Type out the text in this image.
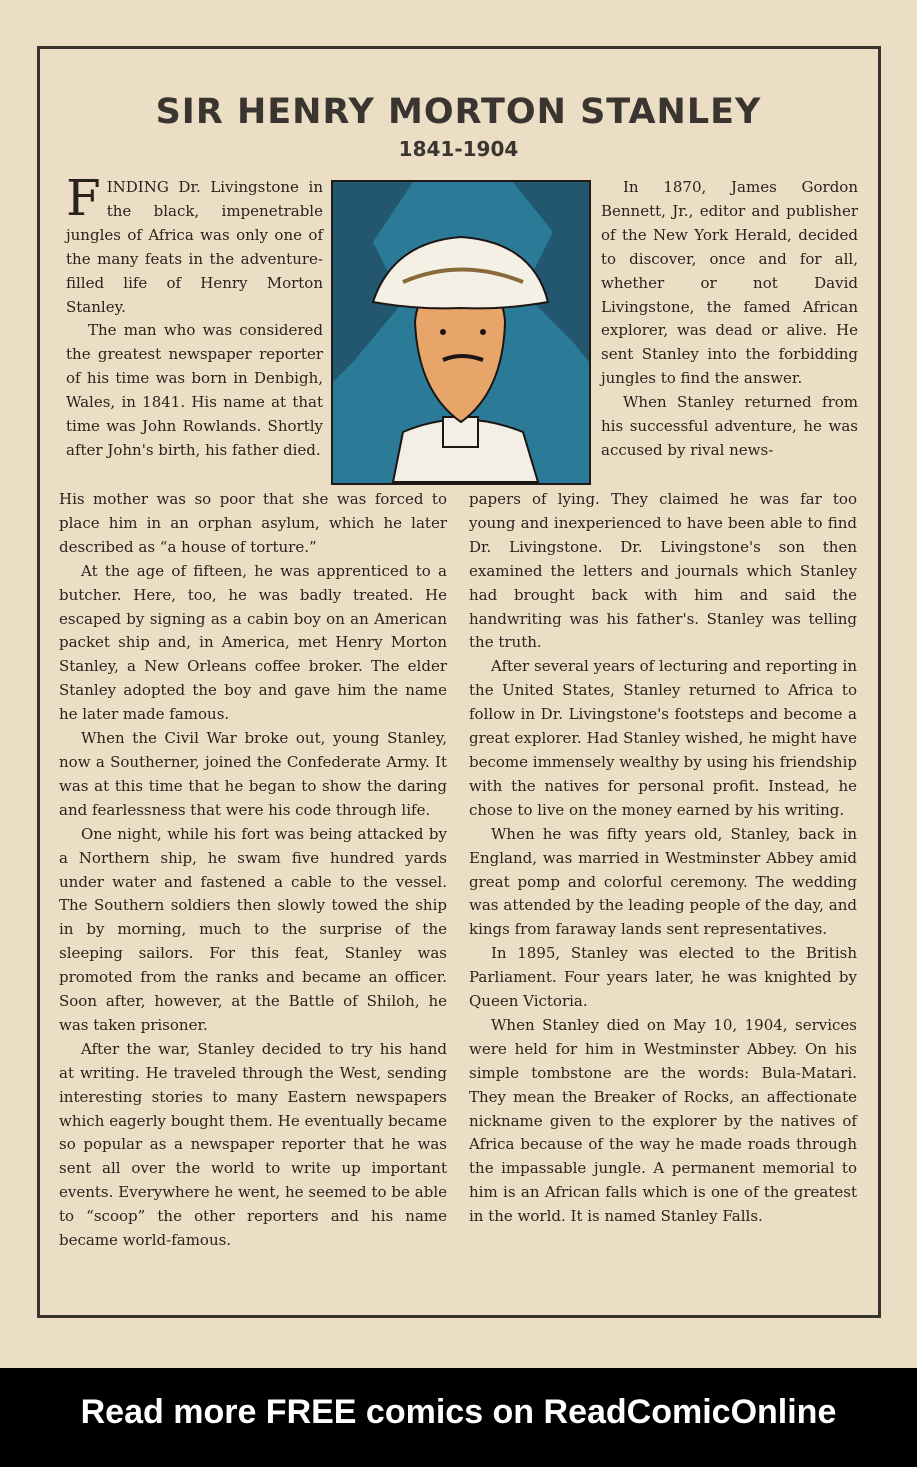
SIR HENRY MORTON STANLEY
1841-1904

FINDING Dr. Livingstone in the black, impenetrable jungles of Africa was only one of the many feats in the adventure-filled life of Henry Morton Stanley.

The man who was considered the greatest newspaper reporter of his time was born in Denbigh, Wales, in 1841. His name at that time was John Rowlands. Shortly after John's birth, his father died.

His mother was so poor that she was forced to place him in an orphan asylum, which he later described as “a house of torture.”

At the age of fifteen, he was apprenticed to a butcher. Here, too, he was badly treated. He escaped by signing as a cabin boy on an American packet ship and, in America, met Henry Morton Stanley, a New Orleans coffee broker. The elder Stanley adopted the boy and gave him the name he later made famous.

When the Civil War broke out, young Stanley, now a Southerner, joined the Confederate Army. It was at this time that he began to show the daring and fearlessness that were his code through life.

One night, while his fort was being attacked by a Northern ship, he swam five hundred yards under water and fastened a cable to the vessel. The Southern soldiers then slowly towed the ship in by morning, much to the surprise of the sleeping sailors. For this feat, Stanley was promoted from the ranks and became an officer. Soon after, however, at the Battle of Shiloh, he was taken prisoner.

After the war, Stanley decided to try his hand at writing. He traveled through the West, sending interesting stories to many Eastern newspapers which eagerly bought them. He eventually became so popular as a newspaper reporter that he was sent all over the world to write up important events. Everywhere he went, he seemed to be able to “scoop” the other reporters and his name became world-famous.

In 1870, James Gordon Bennett, Jr., editor and publisher of the New York Herald, decided to discover, once and for all, whether or not David Livingstone, the famed African explorer, was dead or alive. He sent Stanley into the forbidding jungles to find the answer.

When Stanley returned from his successful adventure, he was accused by rival news-

papers of lying. They claimed he was far too young and inexperienced to have been able to find Dr. Livingstone. Dr. Livingstone's son then examined the letters and journals which Stanley had brought back with him and said the handwriting was his father's. Stanley was telling the truth.

After several years of lecturing and reporting in the United States, Stanley returned to Africa to follow in Dr. Livingstone's footsteps and become a great explorer. Had Stanley wished, he might have become immensely wealthy by using his friendship with the natives for personal profit. Instead, he chose to live on the money earned by his writing.

When he was fifty years old, Stanley, back in England, was married in Westminster Abbey amid great pomp and colorful ceremony. The wedding was attended by the leading people of the day, and kings from faraway lands sent representatives.

In 1895, Stanley was elected to the British Parliament. Four years later, he was knighted by Queen Victoria.

When Stanley died on May 10, 1904, services were held for him in Westminster Abbey. On his simple tombstone are the words: Bula-Matari. They mean the Breaker of Rocks, an affectionate nickname given to the explorer by the natives of Africa because of the way he made roads through the impassable jungle. A permanent memorial to him is an African falls which is one of the greatest in the world. It is named Stanley Falls.

Read more FREE comics on ReadComicOnline
